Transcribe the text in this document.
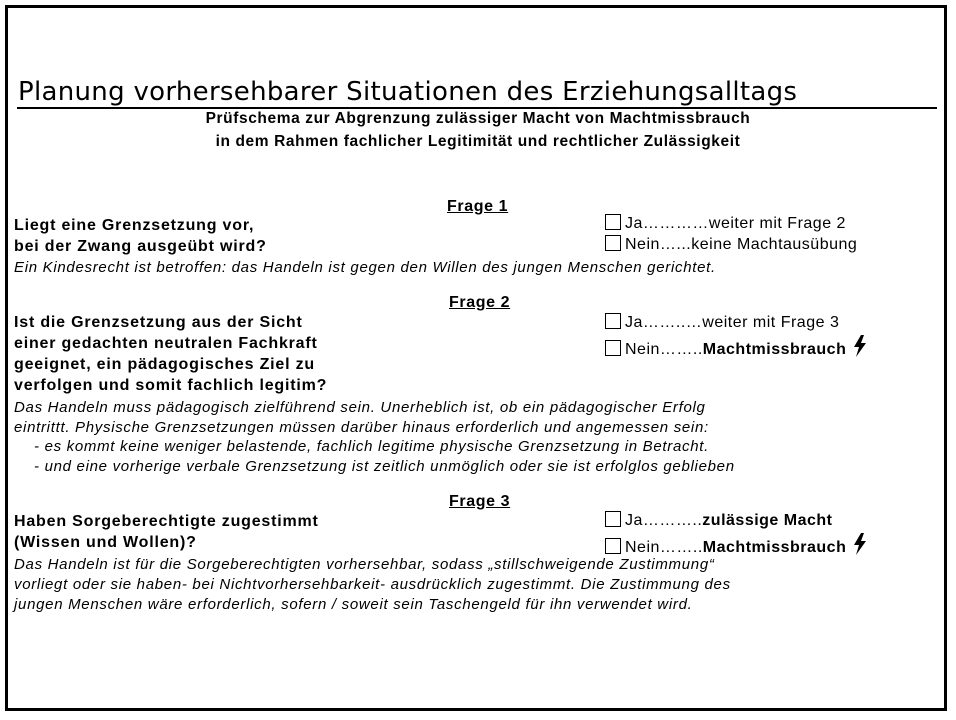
Planung vorhersehbarer Situationen des Erziehungsalltags
Prüfschema zur Abgrenzung zulässiger Macht von Machtmissbrauch
in dem Rahmen fachlicher Legitimität und rechtlicher Zulässigkeit
Frage 1
Liegt eine Grenzsetzung vor,
bei der Zwang ausgeübt wird?
Ja…………weiter mit Frage 2
Nein…...keine Machtausübung
Ein Kindesrecht ist betroffen: das Handeln ist gegen den Willen des jungen Menschen gerichtet.
Frage 2
Ist die Grenzsetzung aus der Sicht
einer gedachten neutralen Fachkraft
geeignet, ein pädagogisches Ziel zu
verfolgen und somit fachlich legitim?
Ja……..…weiter mit Frage 3
Nein……..Machtmissbrauch
Das Handeln muss pädagogisch zielführend sein. Unerheblich ist, ob ein pädagogischer Erfolg
eintrittt. Physische Grenzsetzungen müssen darüber hinaus erforderlich und angemessen sein:
- es kommt keine weniger belastende, fachlich legitime physische Grenzsetzung in Betracht.
- und eine vorherige verbale Grenzsetzung ist zeitlich unmöglich oder sie ist erfolglos geblieben
Frage 3
Haben Sorgeberechtigte zugestimmt
(Wissen und Wollen)?
Ja………..zulässige Macht
Nein……..Machtmissbrauch
Das Handeln ist für die Sorgeberechtigten vorhersehbar, sodass „stillschweigende Zustimmung“
vorliegt oder sie haben- bei Nichtvorhersehbarkeit- ausdrücklich zugestimmt. Die Zustimmung des
jungen Menschen wäre erforderlich, sofern / soweit sein Taschengeld für ihn verwendet wird.
